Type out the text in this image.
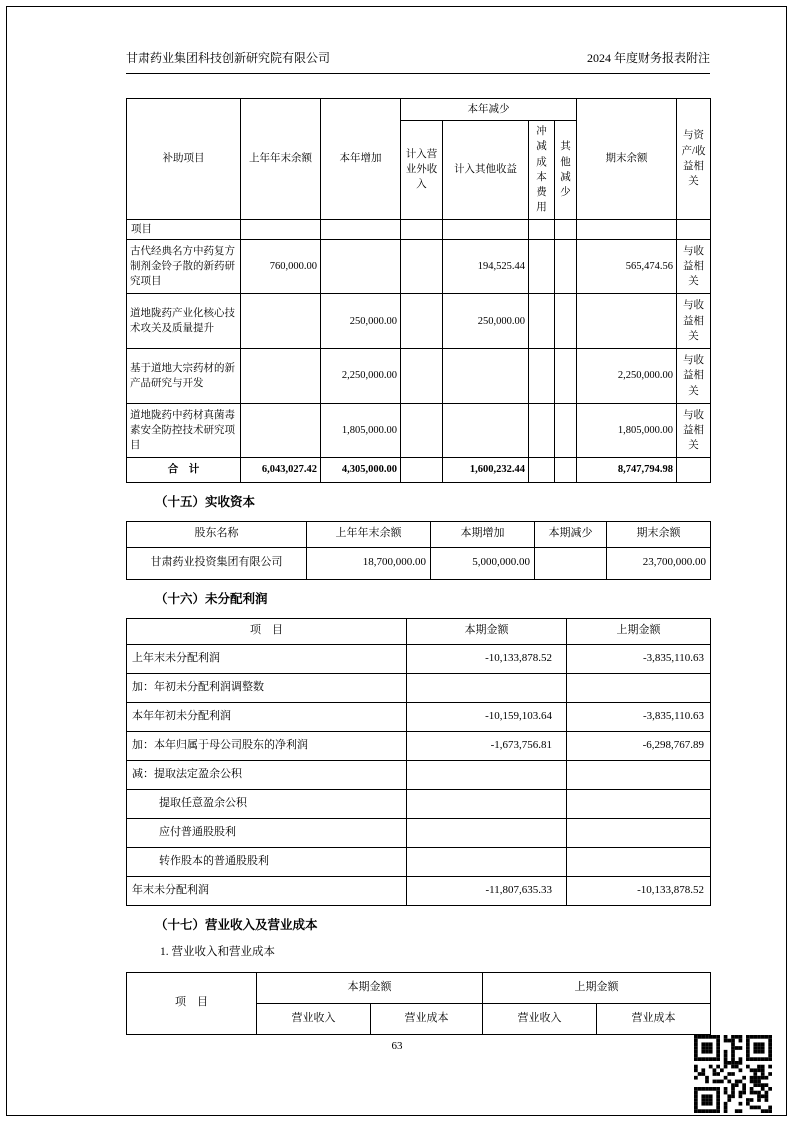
甘肃药业集团科技创新研究院有限公司	2024 年度财务报表附注
补助项目	上年年末余额	本年增加	本年减少				期末余额	与资产/收益相关
			计入营业外收入	计入其他收益	冲减成本费用	其他减少		
项目								
古代经典名方中药复方制剂金铃子散的新药研究项目	760,000.00			194,525.44			565,474.56	与收益相关
道地陇药产业化核心技术攻关及质量提升		250,000.00		250,000.00				与收益相关
基于道地大宗药材的新产品研究与开发		2,250,000.00					2,250,000.00	与收益相关
道地陇药中药材真菌毒素安全防控技术研究项目		1,805,000.00					1,805,000.00	与收益相关
合　计	6,043,027.42	4,305,000.00		1,600,232.44			8,747,794.98	
（十五）实收资本
股东名称	上年年末余额	本期增加	本期减少	期末余额
甘肃药业投资集团有限公司	18,700,000.00	5,000,000.00		23,700,000.00
（十六）未分配利润
项　目	本期金额	上期金额
上年末未分配利润	-10,133,878.52	-3,835,110.63
加：年初未分配利润调整数		
本年年初未分配利润	-10,159,103.64	-3,835,110.63
加：本年归属于母公司股东的净利润	-1,673,756.81	-6,298,767.89
减：提取法定盈余公积		
提取任意盈余公积		
应付普通股股利		
转作股本的普通股股利		
年末未分配利润	-11,807,635.33	-10,133,878.52
（十七）营业收入及营业成本
1. 营业收入和营业成本
项　目	本期金额		上期金额	
	营业收入	营业成本	营业收入	营业成本
63
